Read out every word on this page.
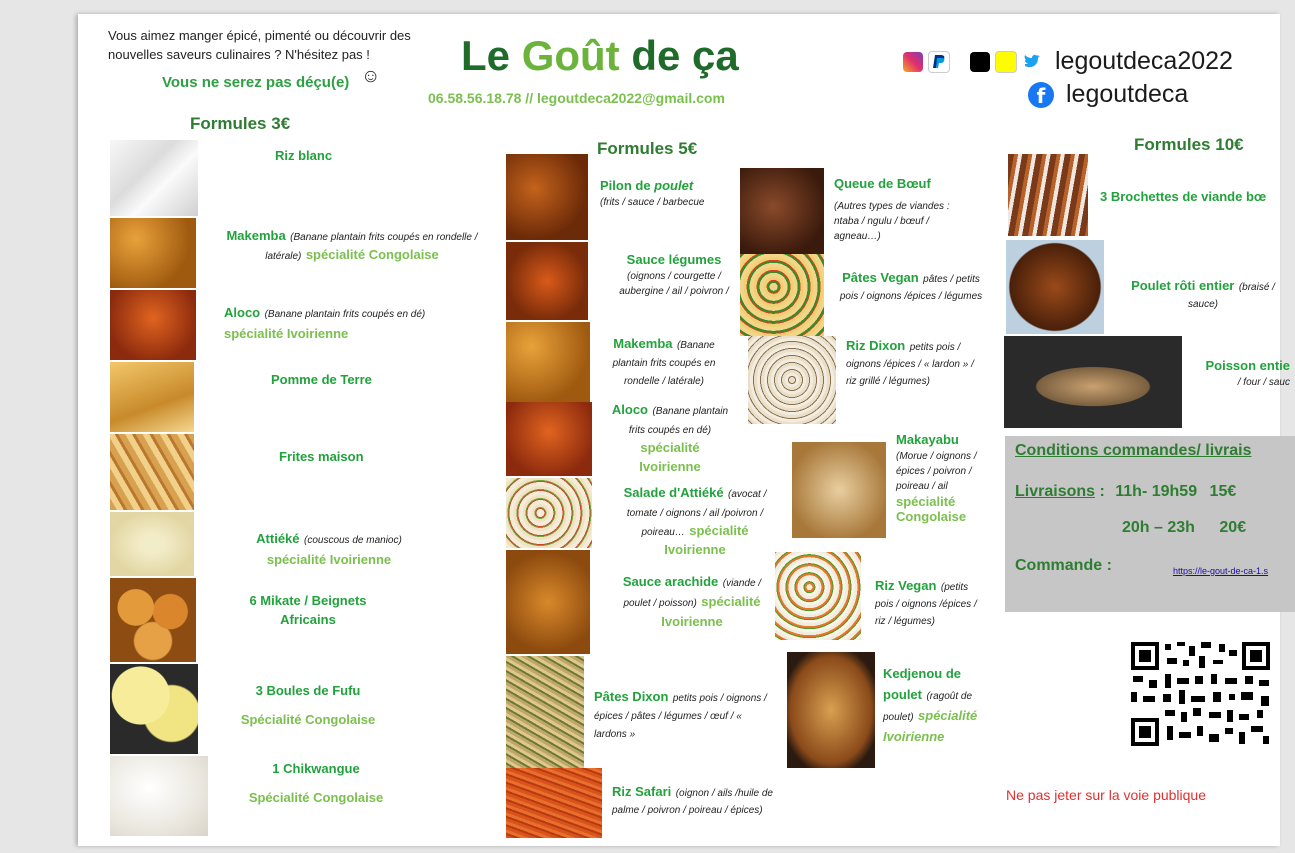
Vous aimez manger épicé, pimenté ou découvrir des nouvelles saveurs culinaires ? N'hésitez pas !
Vous ne serez pas déçu(e) ☺ Le Goût de ça
06.58.56.18.78 // legoutdeca2022@gmail.com
legoutdeca2022
f legoutdeca
Formules 3€
Riz blanc
Makemba (Banane plantain frits coupés en rondelle / latérale) spécialité Congolaise
Aloco (Banane plantain frits coupés en dé) spécialité Ivoirienne
Pomme de Terre
Frites maison
Attiéké (couscous de manioc)
spécialité Ivoirienne
6 Mikate / Beignets
Africains
3 Boules de Fufu
Spécialité Congolaise
1 Chikwangue
Spécialité Congolaise
Formules 5€
Pilon de poulet
(frits / sauce / barbecue
Sauce légumes
(oignons / courgette / aubergine / ail / poivron /
Makemba (Banane plantain frits coupés en rondelle / latérale)
Aloco (Banane plantain frits coupés en dé) spécialité Ivoirienne
Salade d'Attiéké (avocat / tomate / oignons / ail /poivron / poireau… spécialité Ivoirienne
Sauce arachide (viande / poulet / poisson) spécialité Ivoirienne
Pâtes Dixon petits pois / oignons /épices / pâtes / légumes / œuf / « lardons »
Riz Safari (oignon / ails /huile de palme / poivron / poireau / épices)
Queue de Bœuf
(Autres types de viandes : ntaba / ngulu / bœuf / agneau…)
Pâtes Vegan pâtes / petits pois / oignons /épices / légumes
Riz Dixon petits pois / oignons /épices / « lardon » / riz grillé / légumes)
Makayabu
(Morue / oignons /épices / poivron / poireau / ail
spécialité Congolaise
Riz Vegan (petits pois / oignons /épices / riz / légumes)
Kedjenou de poulet (ragoût de poulet) spécialité Ivoirienne
Formules 10€
3 Brochettes de viande bœ
Poulet rôti entier (braisé / sauce)
Poisson entie
/ four / sauc
Conditions commandes/ livrais
Livraisons : 11h- 19h59 15€
20h – 23h 20€
Commande :	https://le-gout-de-ca-1.s
Ne pas jeter sur la voie publique
